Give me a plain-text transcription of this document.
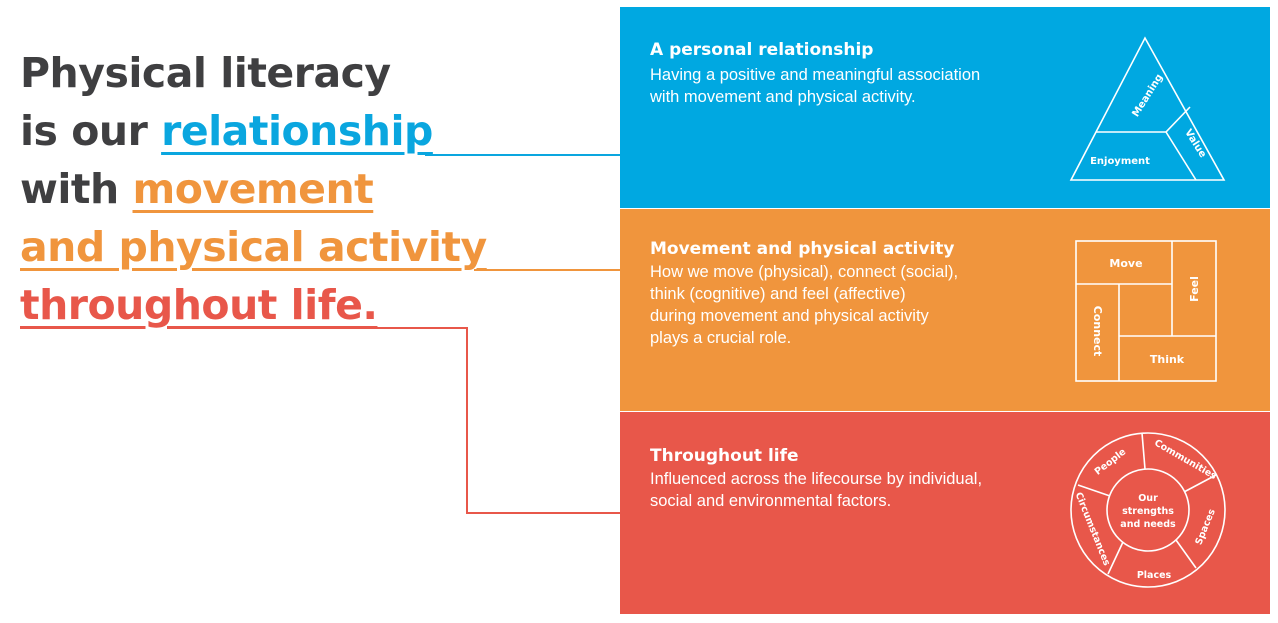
Physical literacy
is our relationship
with movement
and physical activity
throughout life.
A personal relationship
Having a positive and meaningful association
with movement and physical activity.	Meaning
Value
Enjoyment
Movement and physical activity
How we move (physical), connect (social),
think (cognitive) and feel (affective)
during movement and physical activity
plays a crucial role.
Move
Feel
Connect
Think
Throughout life
Influenced across the lifecourse by individual,
social and environmental factors.	Our
strengths
and needs
People	Communities
Spaces
Places
Circumstances
